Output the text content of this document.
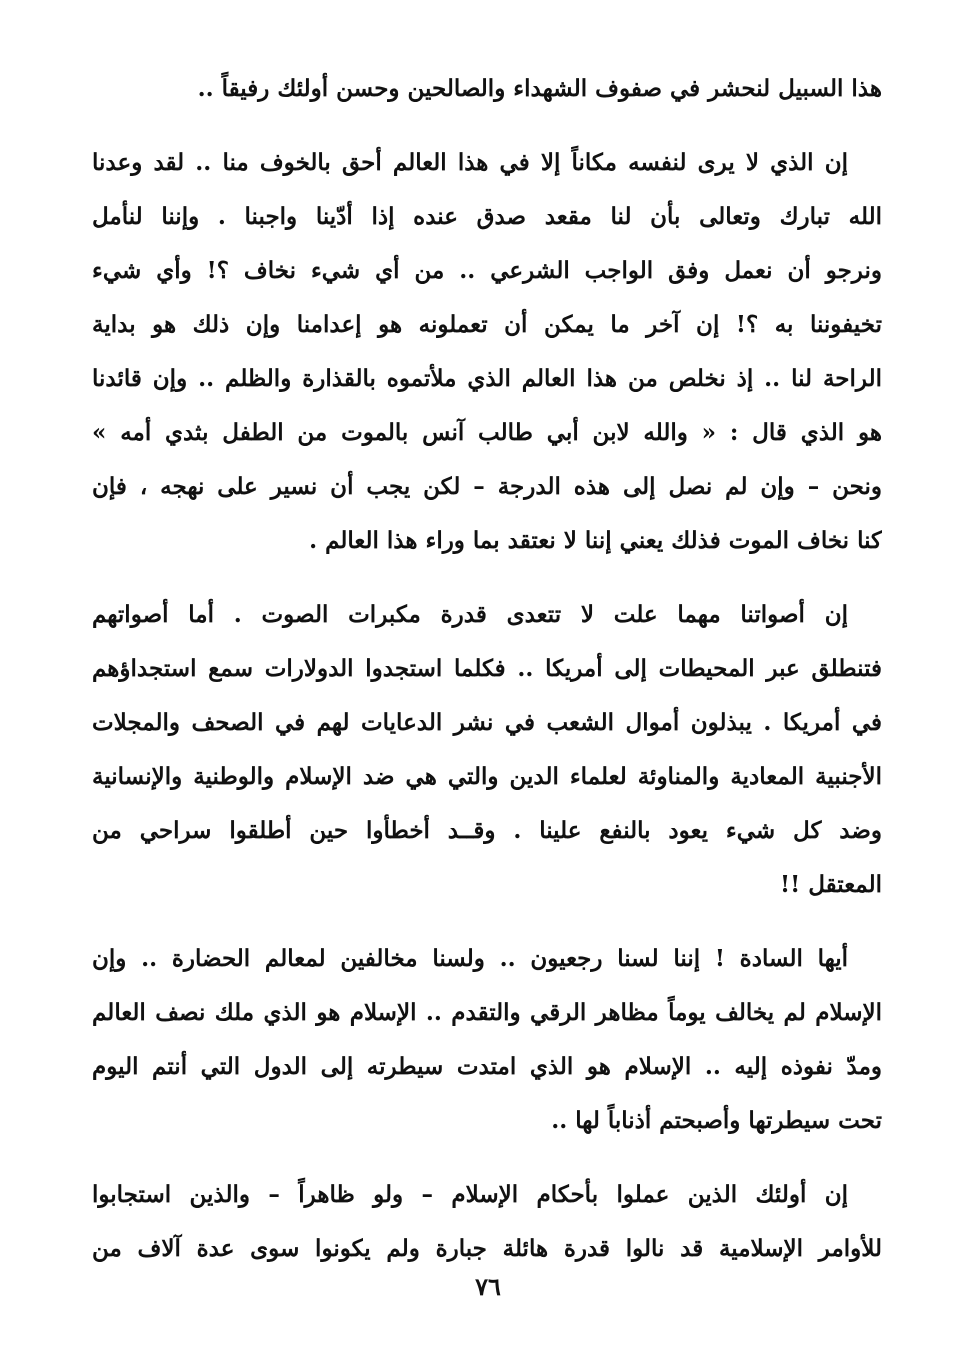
هذا السبيل لنحشر في صفوف الشهداء والصالحين وحسن أولئك رفيقاً ..
إن الذي لا يرى لنفسه مكاناً إلا في هذا العالم أحق بالخوف منا .. لقد وعدنا
الله تبارك وتعالى بأن لنا مقعد صدق عنده إذا أدّينا واجبنا . وإننا لنأمل
ونرجو أن نعمل وفق الواجب الشرعي .. من أي شيء نخاف ؟! وأي شيء
تخيفوننا به ؟! إن آخر ما يمكن أن تعملونه هو إعدامنا وإن ذلك هو بداية
الراحة لنا .. إذ نخلص من هذا العالم الذي ملأتموه بالقذارة والظلم .. وإن قائدنا
هو الذي قال : « والله لابن أبي طالب آنس بالموت من الطفل بثدي أمه »
ونحن – وإن لم نصل إلى هذه الدرجة – لكن يجب أن نسير على نهجه ، فإن
كنا نخاف الموت فذلك يعني إننا لا نعتقد بما وراء هذا العالم .
إن أصواتنا مهما علت لا تتعدى قدرة مكبرات الصوت . أما أصواتهم
فتنطلق عبر المحيطات إلى أمريكا .. فكلما استجدوا الدولارات سمع استجداؤهم
في أمريكا . يبذلون أموال الشعب في نشر الدعايات لهم في الصحف والمجلات
الأجنبية المعادية والمناوئة لعلماء الدين والتي هي ضد الإسلام والوطنية والإنسانية
وضد كل شيء يعود بالنفع علينا . وقــد أخطأوا حين أطلقوا سراحي من
المعتقل !!
أيها السادة ! إننا لسنا رجعيون .. ولسنا مخالفين لمعالم الحضارة .. وإن
الإسلام لم يخالف يوماً مظاهر الرقي والتقدم .. الإسلام هو الذي ملك نصف العالم
ومدّ نفوذه إليه .. الإسلام هو الذي امتدت سيطرته إلى الدول التي أنتم اليوم
تحت سيطرتها وأصبحتم أذناباً لها ..
إن أولئك الذين عملوا بأحكام الإسلام – ولو ظاهراً – والذين استجابوا
للأوامر الإسلامية قد نالوا قدرة هائلة جبارة ولم يكونوا سوى عدة آلاف من
٧٦
